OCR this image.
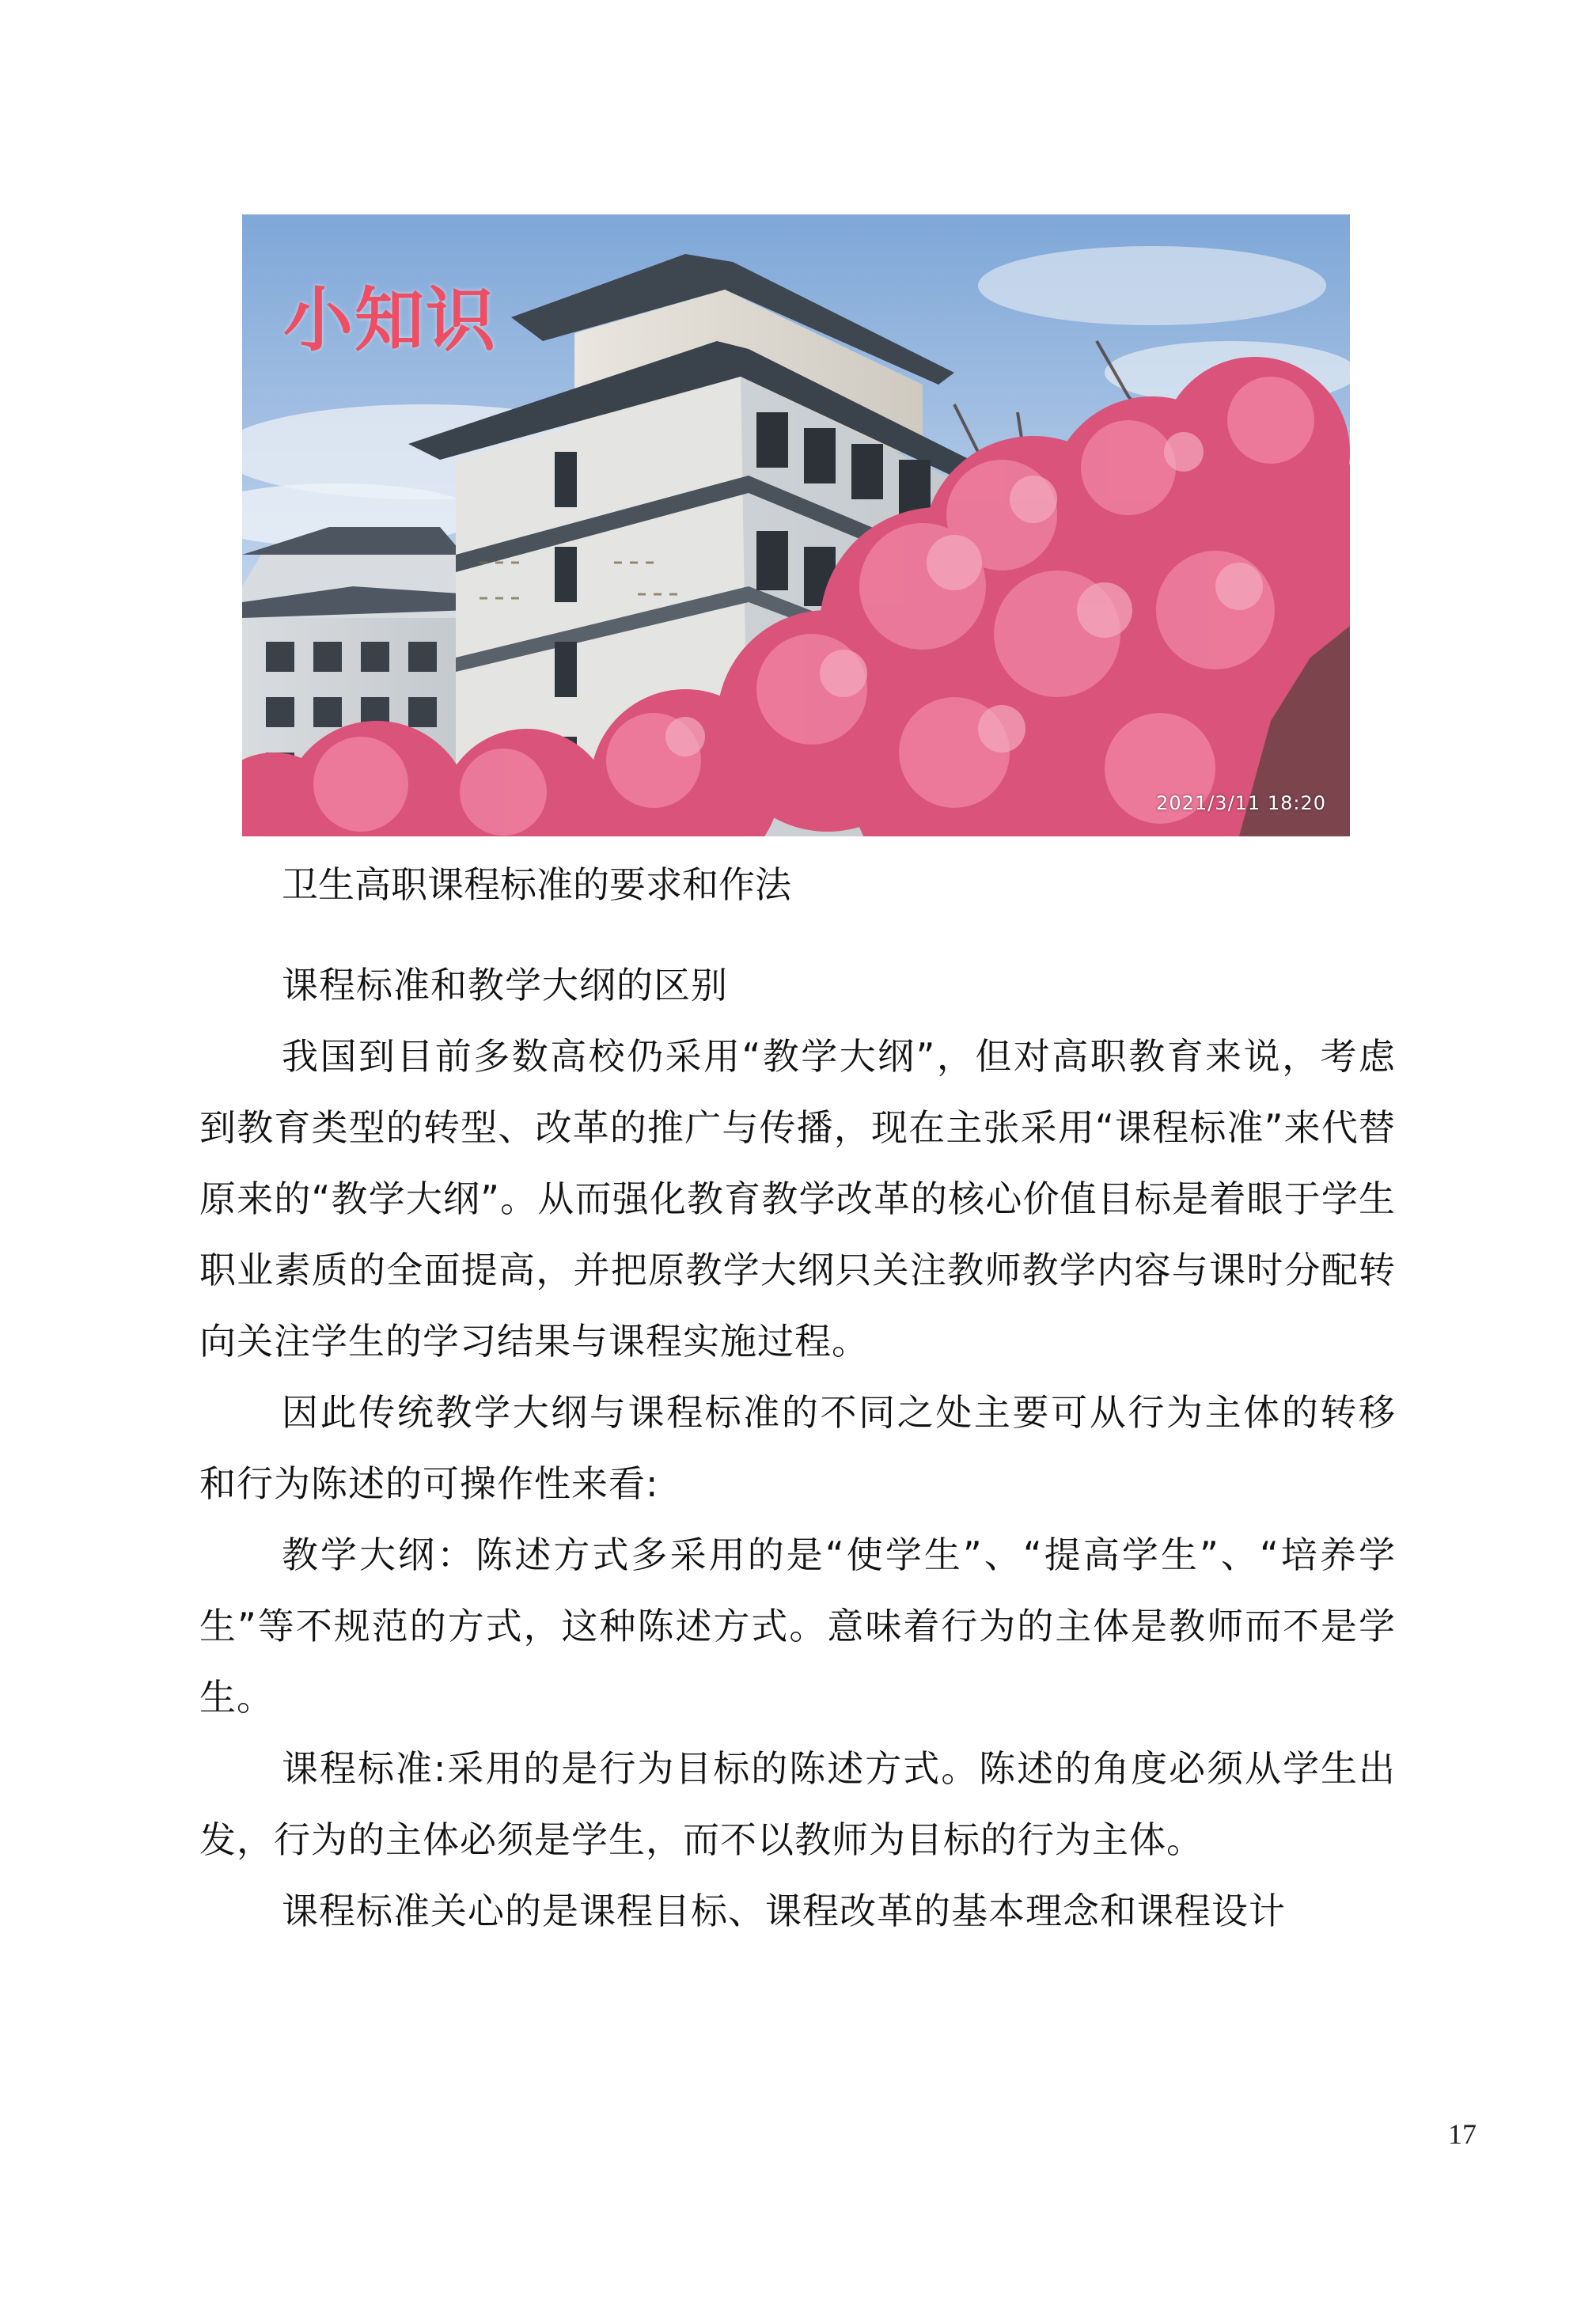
小知识
2021/3/11 18:20
卫生高职课程标准的要求和作法

课程标准和教学大纲的区别

我国到目前多数高校仍采用“教学大纲”，但对高职教育来说，考虑到教育类型的转型、改革的推广与传播，现在主张采用“课程标准”来代替原来的“教学大纲”。从而强化教育教学改革的核心价值目标是着眼于学生职业素质的全面提高，并把原教学大纲只关注教师教学内容与课时分配转向关注学生的学习结果与课程实施过程。

因此传统教学大纲与课程标准的不同之处主要可从行为主体的转移和行为陈述的可操作性来看:

教学大纲：陈述方式多采用的是“使学生”、“提高学生”、“培养学生”等不规范的方式，这种陈述方式。意味着行为的主体是教师而不是学生。

课程标准:采用的是行为目标的陈述方式。陈述的角度必须从学生出发，行为的主体必须是学生，而不以教师为目标的行为主体。

课程标准关心的是课程目标、课程改革的基本理念和课程设计

17
